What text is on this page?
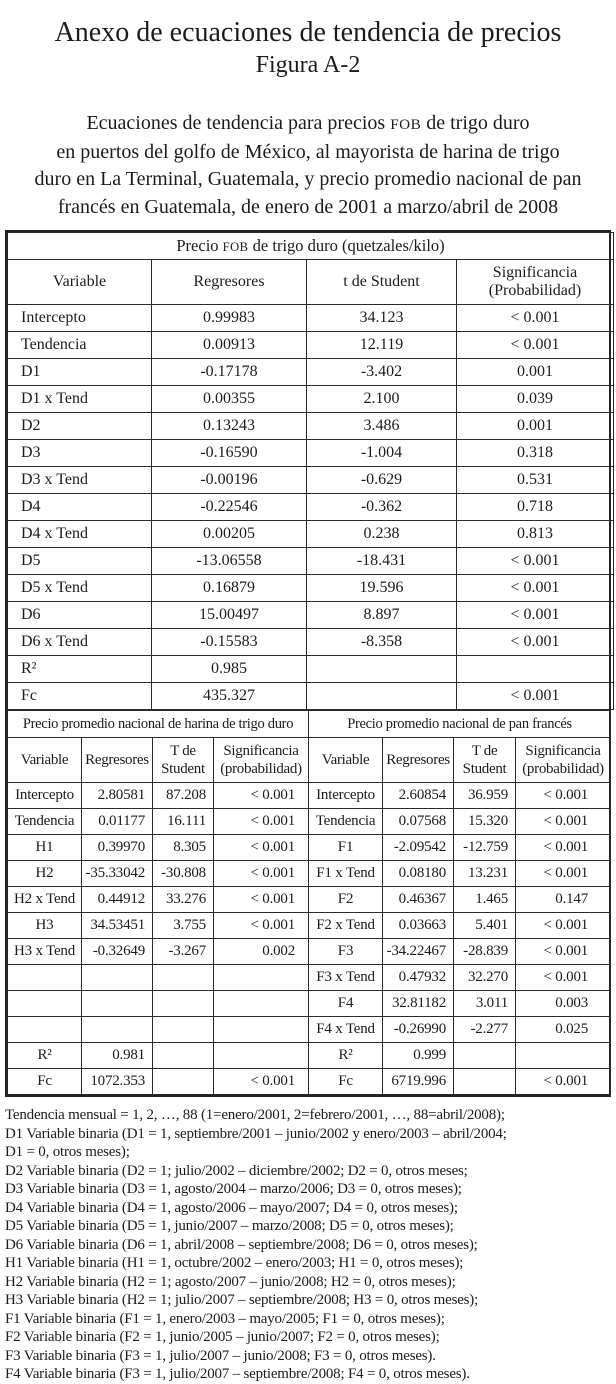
Anexo de ecuaciones de tendencia de precios
Figura A-2
Ecuaciones de tendencia para precios FOB de trigo duro
en puertos del golfo de México, al mayorista de harina de trigo
duro en La Terminal, Guatemala, y precio promedio nacional de pan
francés en Guatemala, de enero de 2001 a marzo/abril de 2008
Precio FOB de trigo duro (quetzales/kilo)			
Variable	Regresores	t de Student	Significancia (Probabilidad)
Intercepto	0.99983	34.123	< 0.001
Tendencia	0.00913	12.119	< 0.001
D1	-0.17178	-3.402	0.001
D1 x Tend	0.00355	2.100	0.039
D2	0.13243	3.486	0.001
D3	-0.16590	-1.004	0.318
D3 x Tend	-0.00196	-0.629	0.531
D4	-0.22546	-0.362	0.718
D4 x Tend	0.00205	0.238	0.813
D5	-13.06558	-18.431	< 0.001
D5 x Tend	0.16879	19.596	< 0.001
D6	15.00497	8.897	< 0.001
D6 x Tend	-0.15583	-8.358	< 0.001
R²	0.985		
Fc	435.327		< 0.001
Precio promedio nacional de harina de trigo duro				Precio promedio nacional de pan francés			
Variable	Regresores	T de Student	Significancia (probabilidad)	Variable	Regresores	T de Student	Significancia (probabilidad)
Intercepto	2.80581	87.208	< 0.001	Intercepto	2.60854	36.959	< 0.001
Tendencia	0.01177	16.111	< 0.001	Tendencia	0.07568	15.320	< 0.001
H1	0.39970	8.305	< 0.001	F1	-2.09542	-12.759	< 0.001
H2	-35.33042	-30.808	< 0.001	F1 x Tend	0.08180	13.231	< 0.001
H2 x Tend	0.44912	33.276	< 0.001	F2	0.46367	1.465	0.147
H3	34.53451	3.755	< 0.001	F2 x Tend	0.03663	5.401	< 0.001
H3 x Tend	-0.32649	-3.267	0.002	F3	-34.22467	-28.839	< 0.001
				F3 x Tend	0.47932	32.270	< 0.001
				F4	32.81182	3.011	0.003
				F4 x Tend	-0.26990	-2.277	0.025
R²	0.981			R²	0.999		
Fc	1072.353		< 0.001	Fc	6719.996		< 0.001
Tendencia mensual = 1, 2, …, 88 (1=enero/2001, 2=febrero/2001, …, 88=abril/2008);
D1 Variable binaria (D1 = 1, septiembre/2001 – junio/2002 y enero/2003 – abril/2004;
D1 = 0, otros meses);
D2 Variable binaria (D2 = 1; julio/2002 – diciembre/2002; D2 = 0, otros meses;
D3 Variable binaria (D3 = 1, agosto/2004 – marzo/2006; D3 = 0, otros meses);
D4 Variable binaria (D4 = 1, agosto/2006 – mayo/2007; D4 = 0, otros meses);
D5 Variable binaria (D5 = 1, junio/2007 – marzo/2008; D5 = 0, otros meses);
D6 Variable binaria (D6 = 1, abril/2008 – septiembre/2008; D6 = 0, otros meses);
H1 Variable binaria (H1 = 1, octubre/2002 – enero/2003; H1 = 0, otros meses);
H2 Variable binaria (H2 = 1; agosto/2007 – junio/2008; H2 = 0, otros meses);
H3 Variable binaria (H2 = 1; julio/2007 – septiembre/2008; H3 = 0, otros meses);
F1 Variable binaria (F1 = 1, enero/2003 – mayo/2005; F1 = 0, otros meses);
F2 Variable binaria (F2 = 1, junio/2005 – junio/2007; F2 = 0, otros meses);
F3 Variable binaria (F3 = 1, julio/2007 – junio/2008; F3 = 0, otros meses).
F4 Variable binaria (F3 = 1, julio/2007 – septiembre/2008; F4 = 0, otros meses).
